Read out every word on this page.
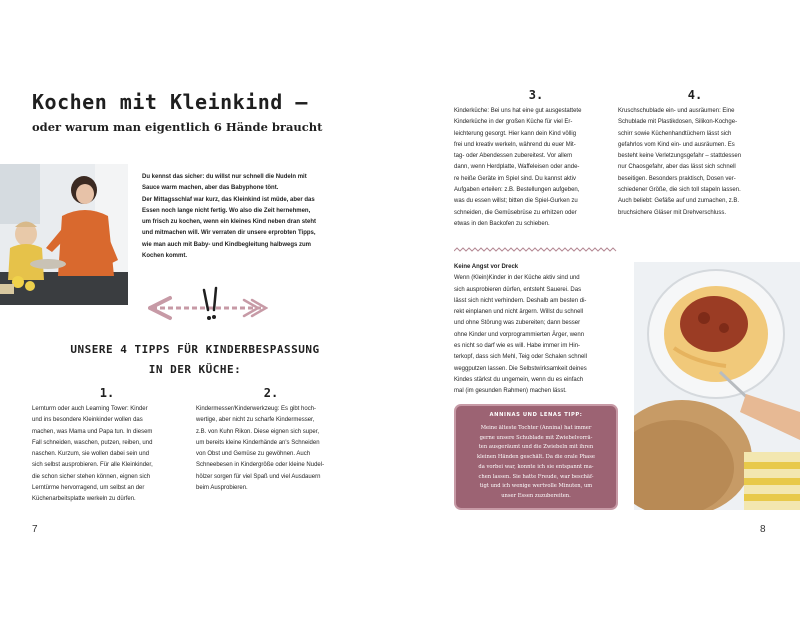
Kochen mit Kleinkind –
oder warum man eigentlich 6 Hände braucht

Du kennst das sicher: du willst nur schnell die Nudeln mit

Sauce warm machen, aber das Babyphone tönt.

Der Mittagsschlaf war kurz, das Kleinkind ist müde, aber das

Essen noch lange nicht fertig. Wo also die Zeit hernehmen,

um frisch zu kochen, wenn ein kleines Kind neben dran steht

und mitmachen will. Wir verraten dir unsere erprobten Tipps,

wie man auch mit Baby- und Kindbegleitung halbwegs zum

Kochen kommt.

UNSERE 4 TIPPS FÜR KINDERBESPASSUNG
IN DER KÜCHE:
1.
Lernturm oder auch Learning Tower: Kinder
und ins besondere Kleinkinder wollen das
machen, was Mama und Papa tun. In diesem
Fall schneiden, waschen, putzen, reiben, und
naschen. Kurzum, sie wollen dabei sein und
sich selbst ausprobieren. Für alle Kleinkinder,
die schon sicher stehen können, eignen sich
Lerntürme hervorragend, um selbst an der
Küchenarbeitsplatte werkeln zu dürfen.
2.
Kindermesser/Kinderwerkzeug: Es gibt hoch-
wertige, aber nicht zu scharfe Kindermesser,
z.B. von Kuhn Rikon. Diese eignen sich super,
um bereits kleine Kinderhände an's Schneiden
von Obst und Gemüse zu gewöhnen. Auch
Schneebesen in Kindergröße oder kleine Nudel-
hölzer sorgen für viel Spaß und viel Ausdauern
beim Ausprobieren.
7
3.
Kinderküche: Bei uns hat eine gut ausgestattete
Kinderküche in der großen Küche für viel Er-
leichterung gesorgt. Hier kann dein Kind völlig
frei und kreativ werkeln, während du euer Mit-
tag- oder Abendessen zubereitest. Vor allem
dann, wenn Herdplatte, Waffeleisen oder ande-
re heiße Geräte im Spiel sind. Du kannst aktiv
Aufgaben erteilen: z.B. Bestellungen aufgeben,
was du essen willst; bitten die Spiel-Gurken zu
schneiden, die Gemüsebrüse zu erhitzen oder
etwas in den Backofen zu schieben.
4.
Kruschschublade ein- und ausräumen: Eine
Schublade mit Plastikdosen, Silikon-Kochge-
schirr sowie Küchenhandtüchern lässt sich
gefahrlos vom Kind ein- und ausräumen. Es
besteht keine Verletzungsgefahr – stattdessen
nur Chaosgefahr, aber das lässt sich schnell
beseitigen. Besonders praktisch, Dosen ver-
schiedener Größe, die sich toll stapeln lassen.
Auch beliebt: Gefäße auf und zumachen, z.B.
bruchsichere Gläser mit Drehverschluss.
Keine Angst vor Dreck
Wenn (Klein)Kinder in der Küche aktiv sind und
sich ausprobieren dürfen, entsteht Sauerei. Das
lässt sich nicht verhindern. Deshalb am besten di-
rekt einplanen und nicht ärgern. Willst du schnell
und ohne Störung was zubereiten; dann besser
ohne Kinder und vorprogrammierten Ärger, wenn
es nicht so darf wie es will. Habe immer im Hin-
terkopf, dass sich Mehl, Teig oder Schalen schnell
weggputzen lassen. Die Selbstwirksamkeit deines
Kindes stärkst du ungemein, wenn du es einfach
mal (im gesunden Rahmen) machen lässt.
ANNINAS UND LENAS TIPP:
Meine älteste Tochter (Annina) hat immer
gerne unsere Schublade mit Zwiebelvorrä-
ten ausgeräumt und die Zwiebeln mit ihren
kleinen Händen geschält. Da die orale Phase
da vorbei war, konnte ich sie entspannt ma-
chen lassen. Sie hatte Freude, war beschäf-
tigt und ich wenige wertvolle Minuten, um
unser Essen zuzubereiten.
8
